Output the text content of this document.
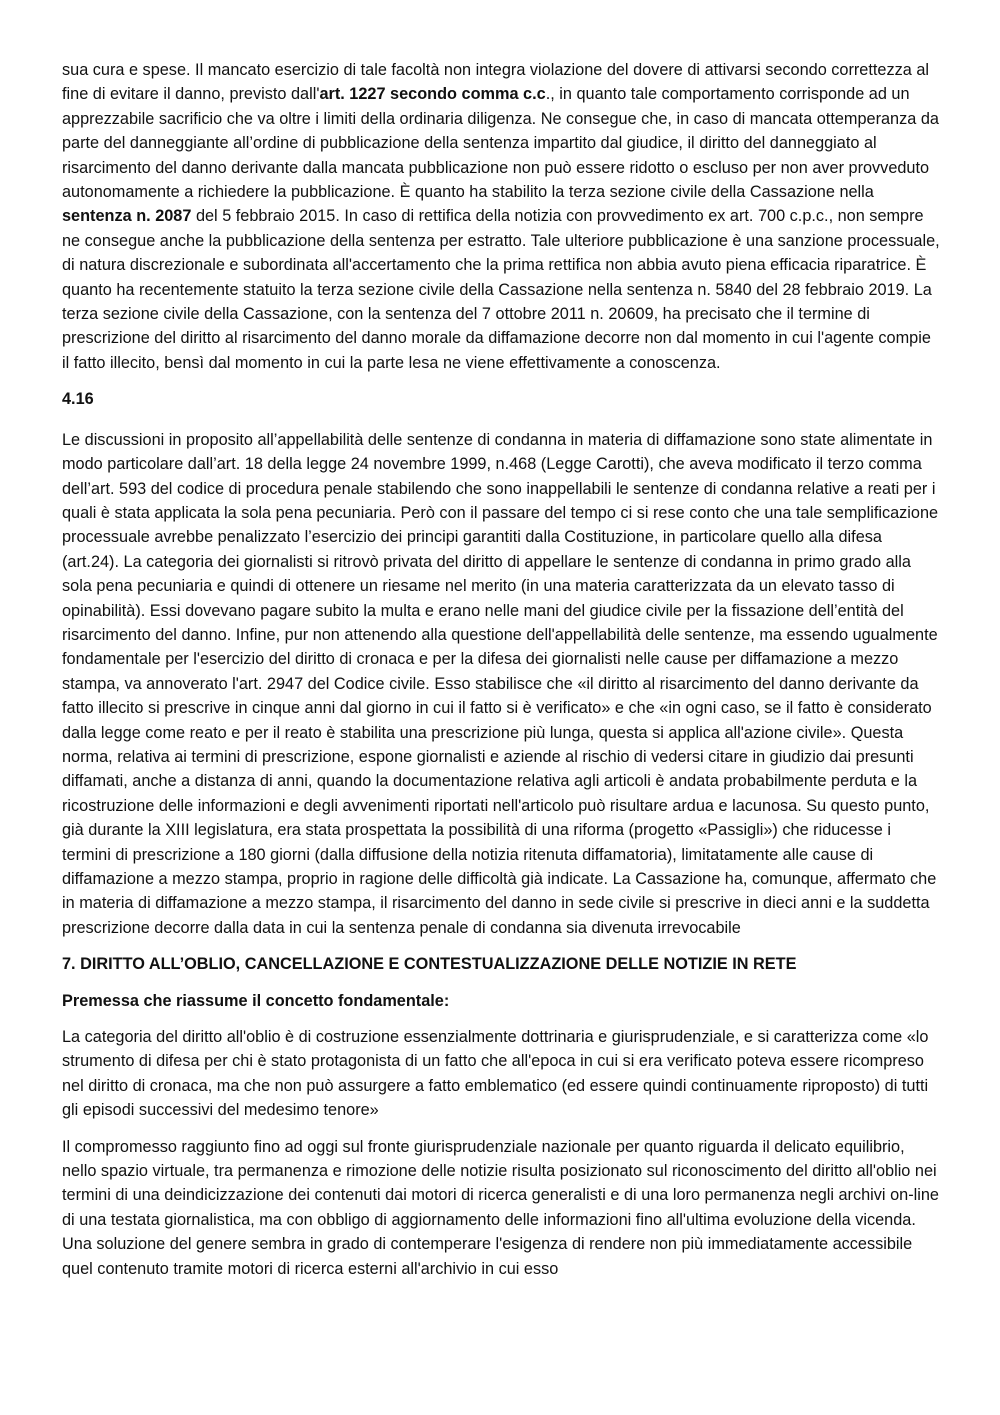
sua cura e spese. Il mancato esercizio di tale facoltà non integra violazione del dovere di attivarsi secondo correttezza al fine di evitare il danno, previsto dall'art. 1227 secondo comma c.c., in quanto tale comportamento corrisponde ad un apprezzabile sacrificio che va oltre i limiti della ordinaria diligenza. Ne consegue che, in caso di mancata ottemperanza da parte del danneggiante all’ordine di pubblicazione della sentenza impartito dal giudice, il diritto del danneggiato al risarcimento del danno derivante dalla mancata pubblicazione non può essere ridotto o escluso per non aver provveduto autonomamente a richiedere la pubblicazione. È quanto ha stabilito la terza sezione civile della Cassazione nella sentenza n. 2087 del 5 febbraio 2015. In caso di rettifica della notizia con provvedimento ex art. 700 c.p.c., non sempre ne consegue anche la pubblicazione della sentenza per estratto. Tale ulteriore pubblicazione è una sanzione processuale, di natura discrezionale e subordinata all'accertamento che la prima rettifica non abbia avuto piena efficacia riparatrice. È quanto ha recentemente statuito la terza sezione civile della Cassazione nella sentenza n. 5840 del 28 febbraio 2019. La terza sezione civile della Cassazione, con la sentenza del 7 ottobre 2011 n. 20609, ha precisato che il termine di prescrizione del diritto al risarcimento del danno morale da diffamazione decorre non dal momento in cui l'agente compie il fatto illecito, bensì dal momento in cui la parte lesa ne viene effettivamente a conoscenza.

4.16

Le discussioni in proposito all’appellabilità delle sentenze di condanna in materia di diffamazione sono state alimentate in modo particolare dall’art. 18 della legge 24 novembre 1999, n.468 (Legge Carotti), che aveva modificato il terzo comma dell’art. 593 del codice di procedura penale stabilendo che sono inappellabili le sentenze di condanna relative a reati per i quali è stata applicata la sola pena pecuniaria. Però con il passare del tempo ci si rese conto che una tale semplificazione processuale avrebbe penalizzato l’esercizio dei principi garantiti dalla Costituzione, in particolare quello alla difesa (art.24). La categoria dei giornalisti si ritrovò privata del diritto di appellare le sentenze di condanna in primo grado alla sola pena pecuniaria e quindi di ottenere un riesame nel merito (in una materia caratterizzata da un elevato tasso di opinabilità). Essi dovevano pagare subito la multa e erano nelle mani del giudice civile per la fissazione dell’entità del risarcimento del danno. Infine, pur non attenendo alla questione dell'appellabilità delle sentenze, ma essendo ugualmente fondamentale per l'esercizio del diritto di cronaca e per la difesa dei giornalisti nelle cause per diffamazione a mezzo stampa, va annoverato l'art. 2947 del Codice civile. Esso stabilisce che «il diritto al risarcimento del danno derivante da fatto illecito si prescrive in cinque anni dal giorno in cui il fatto si è verificato» e che «in ogni caso, se il fatto è considerato dalla legge come reato e per il reato è stabilita una prescrizione più lunga, questa si applica all'azione civile». Questa norma, relativa ai termini di prescrizione, espone giornalisti e aziende al rischio di vedersi citare in giudizio dai presunti diffamati, anche a distanza di anni, quando la documentazione relativa agli articoli è andata probabilmente perduta e la ricostruzione delle informazioni e degli avvenimenti riportati nell'articolo può risultare ardua e lacunosa. Su questo punto, già durante la XIII legislatura, era stata prospettata la possibilità di una riforma (progetto «Passigli») che riducesse i termini di prescrizione a 180 giorni (dalla diffusione della notizia ritenuta diffamatoria), limitatamente alle cause di diffamazione a mezzo stampa, proprio in ragione delle difficoltà già indicate. La Cassazione ha, comunque, affermato che in materia di diffamazione a mezzo stampa, il risarcimento del danno in sede civile si prescrive in dieci anni e la suddetta prescrizione decorre dalla data in cui la sentenza penale di condanna sia divenuta irrevocabile

7. DIRITTO ALL’OBLIO, CANCELLAZIONE E CONTESTUALIZZAZIONE DELLE NOTIZIE IN RETE

Premessa che riassume il concetto fondamentale:

La categoria del diritto all'oblio è di costruzione essenzialmente dottrinaria e giurisprudenziale, e si caratterizza come «lo strumento di difesa per chi è stato protagonista di un fatto che all'epoca in cui si era verificato poteva essere ricompreso nel diritto di cronaca, ma che non può assurgere a fatto emblematico (ed essere quindi continuamente riproposto) di tutti gli episodi successivi del medesimo tenore»

Il compromesso raggiunto fino ad oggi sul fronte giurisprudenziale nazionale per quanto riguarda il delicato equilibrio, nello spazio virtuale, tra permanenza e rimozione delle notizie risulta posizionato sul riconoscimento del diritto all'oblio nei termini di una deindicizzazione dei contenuti dai motori di ricerca generalisti e di una loro permanenza negli archivi on-line di una testata giornalistica, ma con obbligo di aggiornamento delle informazioni fino all'ultima evoluzione della vicenda. Una soluzione del genere sembra in grado di contemperare l'esigenza di rendere non più immediatamente accessibile quel contenuto tramite motori di ricerca esterni all'archivio in cui esso
